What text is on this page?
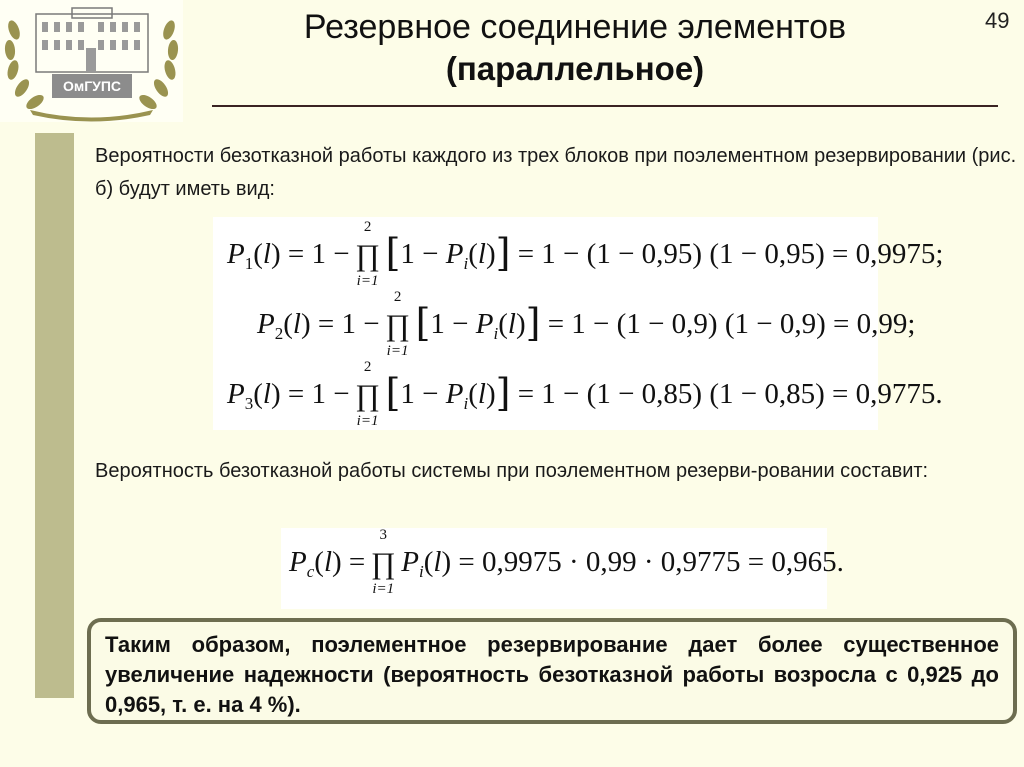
ОмГУПС
Резервное соединение элементов
(параллельное)
49
Вероятности безотказной работы каждого из трех блоков при поэлементном резервировании (рис. б) будут иметь вид:
$P_1(l) = 1$ −
2
∏
i=1
$[1 - P_i(l)] = 1 - (1 - 0,95) (1 - 0,95) = 0,9975$;
$P_2(l) = 1$ −
2
∏
i=1
$[1 - P_i(l)] = 1 - (1 - 0,9) (1 - 0,9) = 0,99$;
$P_3(l) = 1$ −
2
∏
i=1
$[1 - P_i(l)] = 1 - (1 - 0,85) (1 - 0,85) = 0,9775$.
Вероятность безотказной работы системы при поэлементном резерви-ровании составит:
$P_c(l)$ =
3
∏
i=1
$P_i(l) = 0,9975 \cdot 0,99 \cdot 0,9775 = 0,965$.

Таким образом, поэлементное резервирование дает более существенное увеличение надежности (вероятность безотказной работы возросла с 0,925 до 0,965, т. е. на 4 %).
